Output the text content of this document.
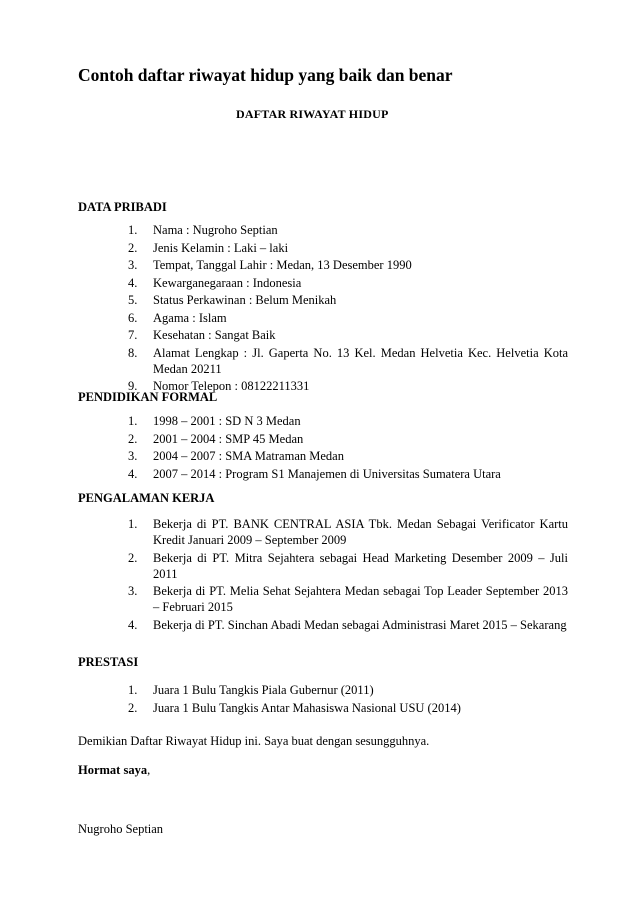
Contoh daftar riwayat hidup yang baik dan benar
DAFTAR RIWAYAT HIDUP
DATA PRIBADI
1. Nama : Nugroho Septian
2. Jenis Kelamin : Laki – laki
3. Tempat, Tanggal Lahir : Medan, 13 Desember 1990
4. Kewarganegaraan : Indonesia
5. Status Perkawinan : Belum Menikah
6. Agama : Islam
7. Kesehatan : Sangat Baik
8. Alamat Lengkap : Jl. Gaperta No. 13 Kel. Medan Helvetia Kec. Helvetia Kota Medan 20211
9. Nomor Telepon : 08122211331
PENDIDIKAN FORMAL
1. 1998 – 2001 : SD N 3 Medan
2. 2001 – 2004 : SMP 45 Medan
3. 2004 – 2007 : SMA Matraman Medan
4. 2007 – 2014 : Program S1 Manajemen di Universitas Sumatera Utara
PENGALAMAN KERJA
1. Bekerja di PT. BANK CENTRAL ASIA Tbk. Medan Sebagai Verificator Kartu Kredit Januari 2009 – September 2009
2. Bekerja di PT. Mitra Sejahtera sebagai Head Marketing Desember 2009 – Juli 2011
3. Bekerja di PT. Melia Sehat Sejahtera Medan sebagai Top Leader September 2013 – Februari 2015
4. Bekerja di PT. Sinchan Abadi Medan sebagai Administrasi Maret 2015 – Sekarang
PRESTASI
1. Juara 1 Bulu Tangkis Piala Gubernur (2011)
2. Juara 1 Bulu Tangkis Antar Mahasiswa Nasional USU (2014)
Demikian Daftar Riwayat Hidup ini. Saya buat dengan sesungguhnya.
Hormat saya,
Nugroho Septian
